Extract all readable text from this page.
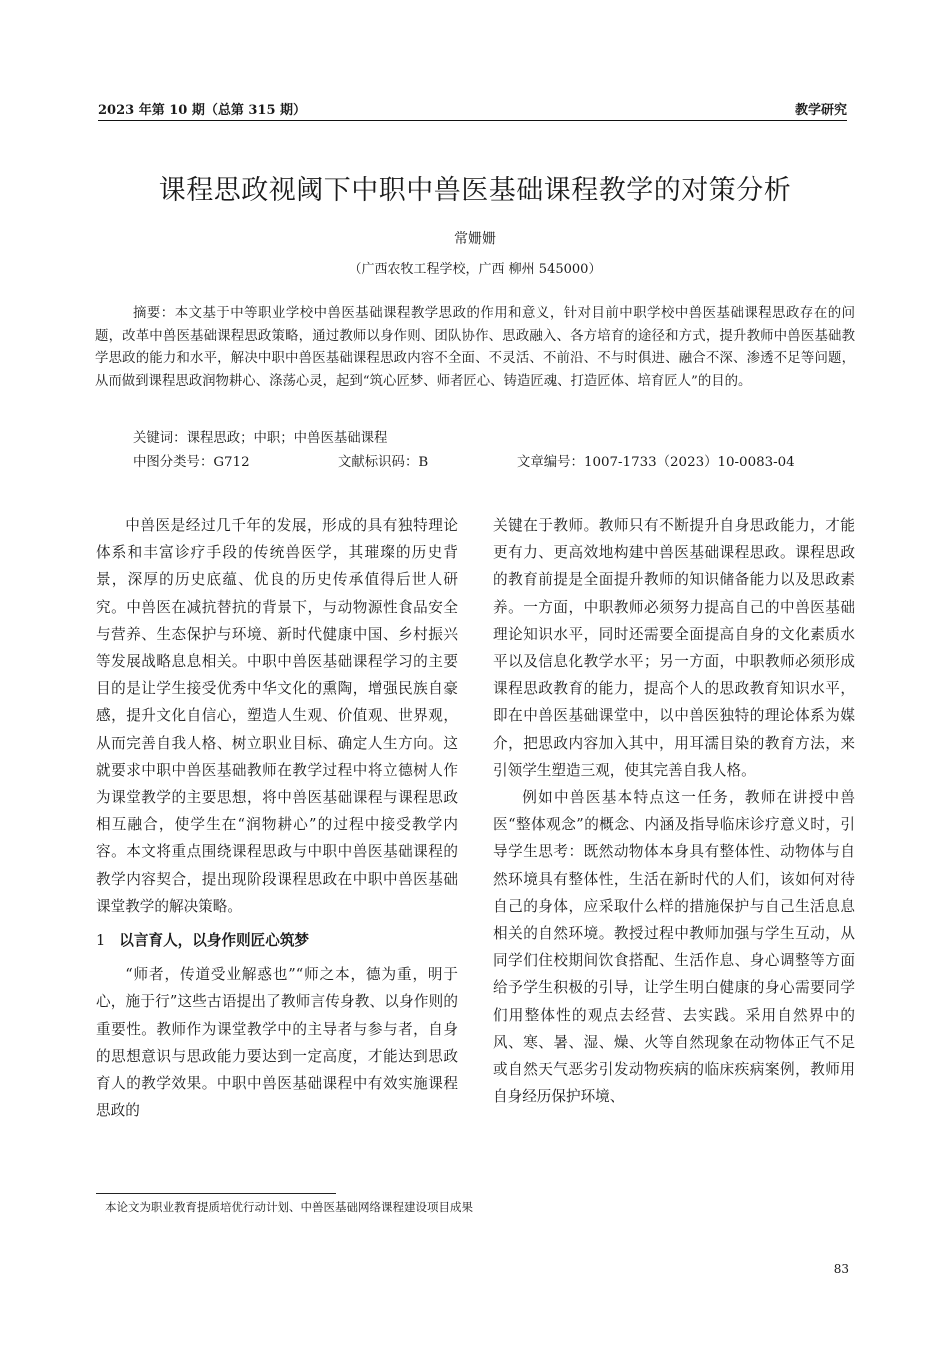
2023 年第 10 期（总第 315 期）	教学研究
课程思政视阈下中职中兽医基础课程教学的对策分析
常姗姗
（广西农牧工程学校，广西 柳州 545000）
摘要：本文基于中等职业学校中兽医基础课程教学思政的作用和意义，针对目前中职学校中兽医基础课程思政存在的问题，改革中兽医基础课程思政策略，通过教师以身作则、团队协作、思政融入、各方培育的途径和方式，提升教师中兽医基础教学思政的能力和水平，解决中职中兽医基础课程思政内容不全面、不灵活、不前沿、不与时俱进、融合不深、渗透不足等问题，从而做到课程思政润物耕心、涤荡心灵，起到“筑心匠梦、师者匠心、铸造匠魂、打造匠体、培育匠人”的目的。
关键词：课程思政；中职；中兽医基础课程
中图分类号：G712	文献标识码：B	文章编号：1007-1733（2023）10-0083-04

中兽医是经过几千年的发展，形成的具有独特理论体系和丰富诊疗手段的传统兽医学，其璀璨的历史背景，深厚的历史底蕴、优良的历史传承值得后世人研究。中兽医在减抗替抗的背景下，与动物源性食品安全与营养、生态保护与环境、新时代健康中国、乡村振兴等发展战略息息相关。中职中兽医基础课程学习的主要目的是让学生接受优秀中华文化的熏陶，增强民族自豪感，提升文化自信心，塑造人生观、价值观、世界观，从而完善自我人格、树立职业目标、确定人生方向。这就要求中职中兽医基础教师在教学过程中将立德树人作为课堂教学的主要思想，将中兽医基础课程与课程思政相互融合，使学生在“润物耕心”的过程中接受教学内容。本文将重点围绕课程思政与中职中兽医基础课程的教学内容契合，提出现阶段课程思政在中职中兽医基础课堂教学的解决策略。

1 以言育人，以身作则匠心筑梦

“师者，传道受业解惑也”“师之本，德为重，明于心，施于行”这些古语提出了教师言传身教、以身作则的重要性。教师作为课堂教学中的主导者与参与者，自身的思想意识与思政能力要达到一定高度，才能达到思政育人的教学效果。中职中兽医基础课程中有效实施课程思政的

关键在于教师。教师只有不断提升自身思政能力，才能更有力、更高效地构建中兽医基础课程思政。课程思政的教育前提是全面提升教师的知识储备能力以及思政素养。一方面，中职教师必须努力提高自己的中兽医基础理论知识水平，同时还需要全面提高自身的文化素质水平以及信息化教学水平；另一方面，中职教师必须形成课程思政教育的能力，提高个人的思政教育知识水平，即在中兽医基础课堂中，以中兽医独特的理论体系为媒介，把思政内容加入其中，用耳濡目染的教育方法，来引领学生塑造三观，使其完善自我人格。

例如中兽医基本特点这一任务，教师在讲授中兽医“整体观念”的概念、内涵及指导临床诊疗意义时，引导学生思考：既然动物体本身具有整体性、动物体与自然环境具有整体性，生活在新时代的人们，该如何对待自己的身体，应采取什么样的措施保护与自己生活息息相关的自然环境。教授过程中教师加强与学生互动，从同学们住校期间饮食搭配、生活作息、身心调整等方面给予学生积极的引导，让学生明白健康的身心需要同学们用整体性的观点去经营、去实践。采用自然界中的风、寒、暑、湿、燥、火等自然现象在动物体正气不足或自然天气恶劣引发动物疾病的临床疾病案例，教师用自身经历保护环境、

本论文为职业教育提质培优行动计划、中兽医基础网络课程建设项目成果
83
